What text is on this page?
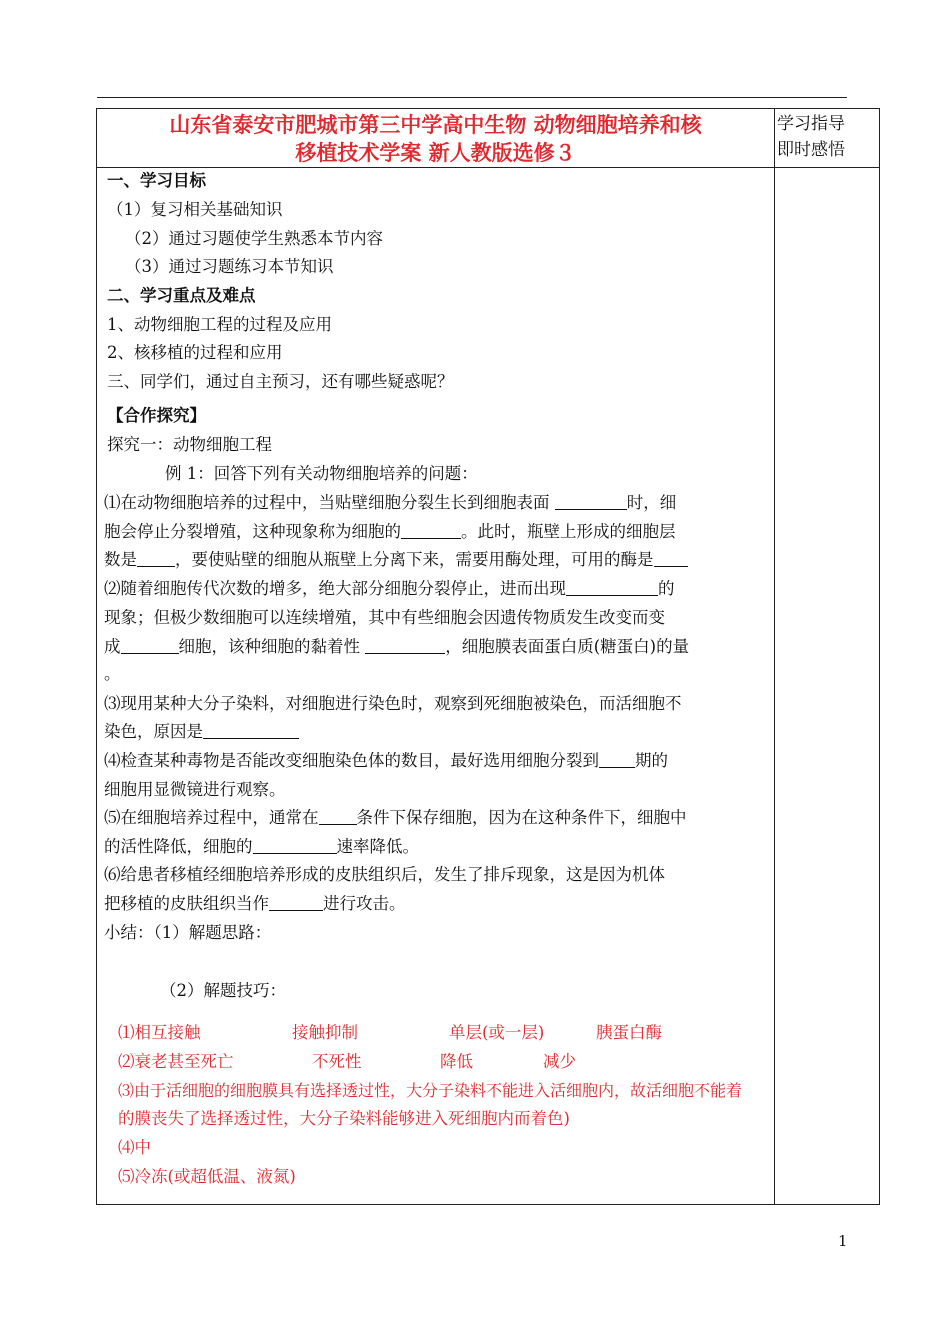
山东省泰安市肥城市第三中学高中生物 动物细胞培养和核
移植技术学案 新人教版选修３
学习指导
即时感悟
一、学习目标
（1）复习相关基础知识
（2）通过习题使学生熟悉本节内容
（3）通过习题练习本节知识
二、学习重点及难点
1、动物细胞工程的过程及应用
2、核移植的过程和应用
三、同学们，通过自主预习，还有哪些疑惑呢？
【合作探究】
探究一：动物细胞工程
例 1：回答下列有关动物细胞培养的问题：
⑴在动物细胞培养的过程中，当贴壁细胞分裂生长到细胞表面	时，细
胞会停止分裂增殖，这种现象称为细胞的	。此时，瓶壁上形成的细胞层
数是 ，要使贴壁的细胞从瓶壁上分离下来，需要用酶处理，可用的酶是
⑵随着细胞传代次数的增多，绝大部分细胞分裂停止，进而出现	的
现象；但极少数细胞可以连续增殖，其中有些细胞会因遗传物质发生改变而变
成	细胞，该种细胞的黏着性	，细胞膜表面蛋白质(糖蛋白)的量
。
⑶现用某种大分子染料，对细胞进行染色时，观察到死细胞被染色，而活细胞不
染色，原因是
⑷检查某种毒物是否能改变细胞染色体的数目，最好选用细胞分裂到 期的
细胞用显微镜进行观察。
⑸在细胞培养过程中，通常在 条件下保存细胞，因为在这种条件下，细胞中
的活性降低，细胞的	速率降低。
⑹给患者移植经细胞培养形成的皮肤组织后，发生了排斥现象，这是因为机体
把移植的皮肤组织当作	进行攻击。
小结：（1）解题思路：
（2）解题技巧：
⑴相互接触	接触抑制	单层(或一层)	胰蛋白酶
⑵衰老甚至死亡	不死性	降低	减少
⑶由于活细胞的细胞膜具有选择透过性，大分子染料不能进入活细胞内，故活细胞不能着
的膜丧失了选择透过性，大分子染料能够进入死细胞内而着色)
⑷中
⑸冷冻(或超低温、液氮)
1
